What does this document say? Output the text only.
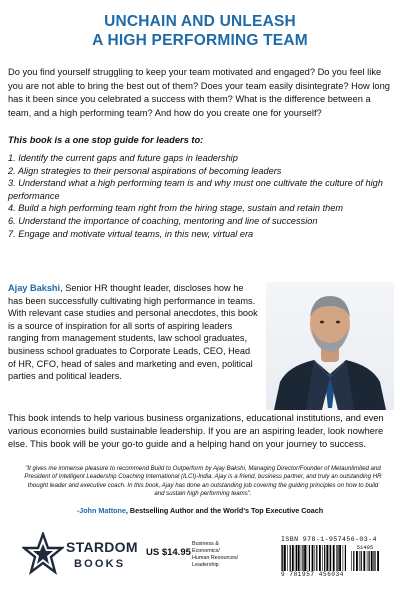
UNCHAIN AND UNLEASH
A HIGH PERFORMING TEAM

Do you find yourself struggling to keep your team motivated and engaged? Do you feel like you are not able to bring the best out of them? Does your team easily disintegrate? How long has it been since you celebrated a success with them? What is the difference between a team, and a high performing team? And how do you create one for yourself?

This book is a one stop guide for leaders to:

1. Identify the current gaps and future gaps in leadership
2. Align strategies to their personal aspirations of becoming leaders
3. Understand what a high performing team is and why must one cultivate the culture of high performance
4. Build a high performing team right from the hiring stage, sustain and retain them
6. Understand the importance of coaching, mentoring and line of succession
7. Engage and motivate virtual teams, in this new, virtual era

Ajay Bakshi, Senior HR thought leader, discloses how he has been successfully cultivating high performance in teams. With relevant case studies and personal anecdotes, this book is a source of inspiration for all sorts of aspiring leaders ranging from management students, law school graduates, business school graduates to Corporate Leads, CEO, Head of HR, CFO, head of sales and marketing and even, political parties and political leaders.

This book intends to help various business organizations, educational institutions, and even various economies build sustainable leadership. If you are an aspiring leader, look nowhere else. This book will be your go-to guide and a helping hand on your journey to success.

"It gives me immense pleasure to recommend Build to Outperform by Ajay Bakshi, Managing Director/Founder of Metaunlimited and President of Intelligent Leadership Coaching International (ILCI)-India. Ajay is a friend, business partner, and truly an outstanding HR thought leader and executive coach. In this book, Ajay has done an outstanding job covering the guiding principles on how to build and sustain high performing teams".

-John Mattone, Bestselling Author and the World's Top Executive Coach
STARDOM
BOOKS
US $14.95
Business &
Economics/
Human Resources/
Leadership
ISBN 978-1-957456-03-4
51495
9 781957 456034
